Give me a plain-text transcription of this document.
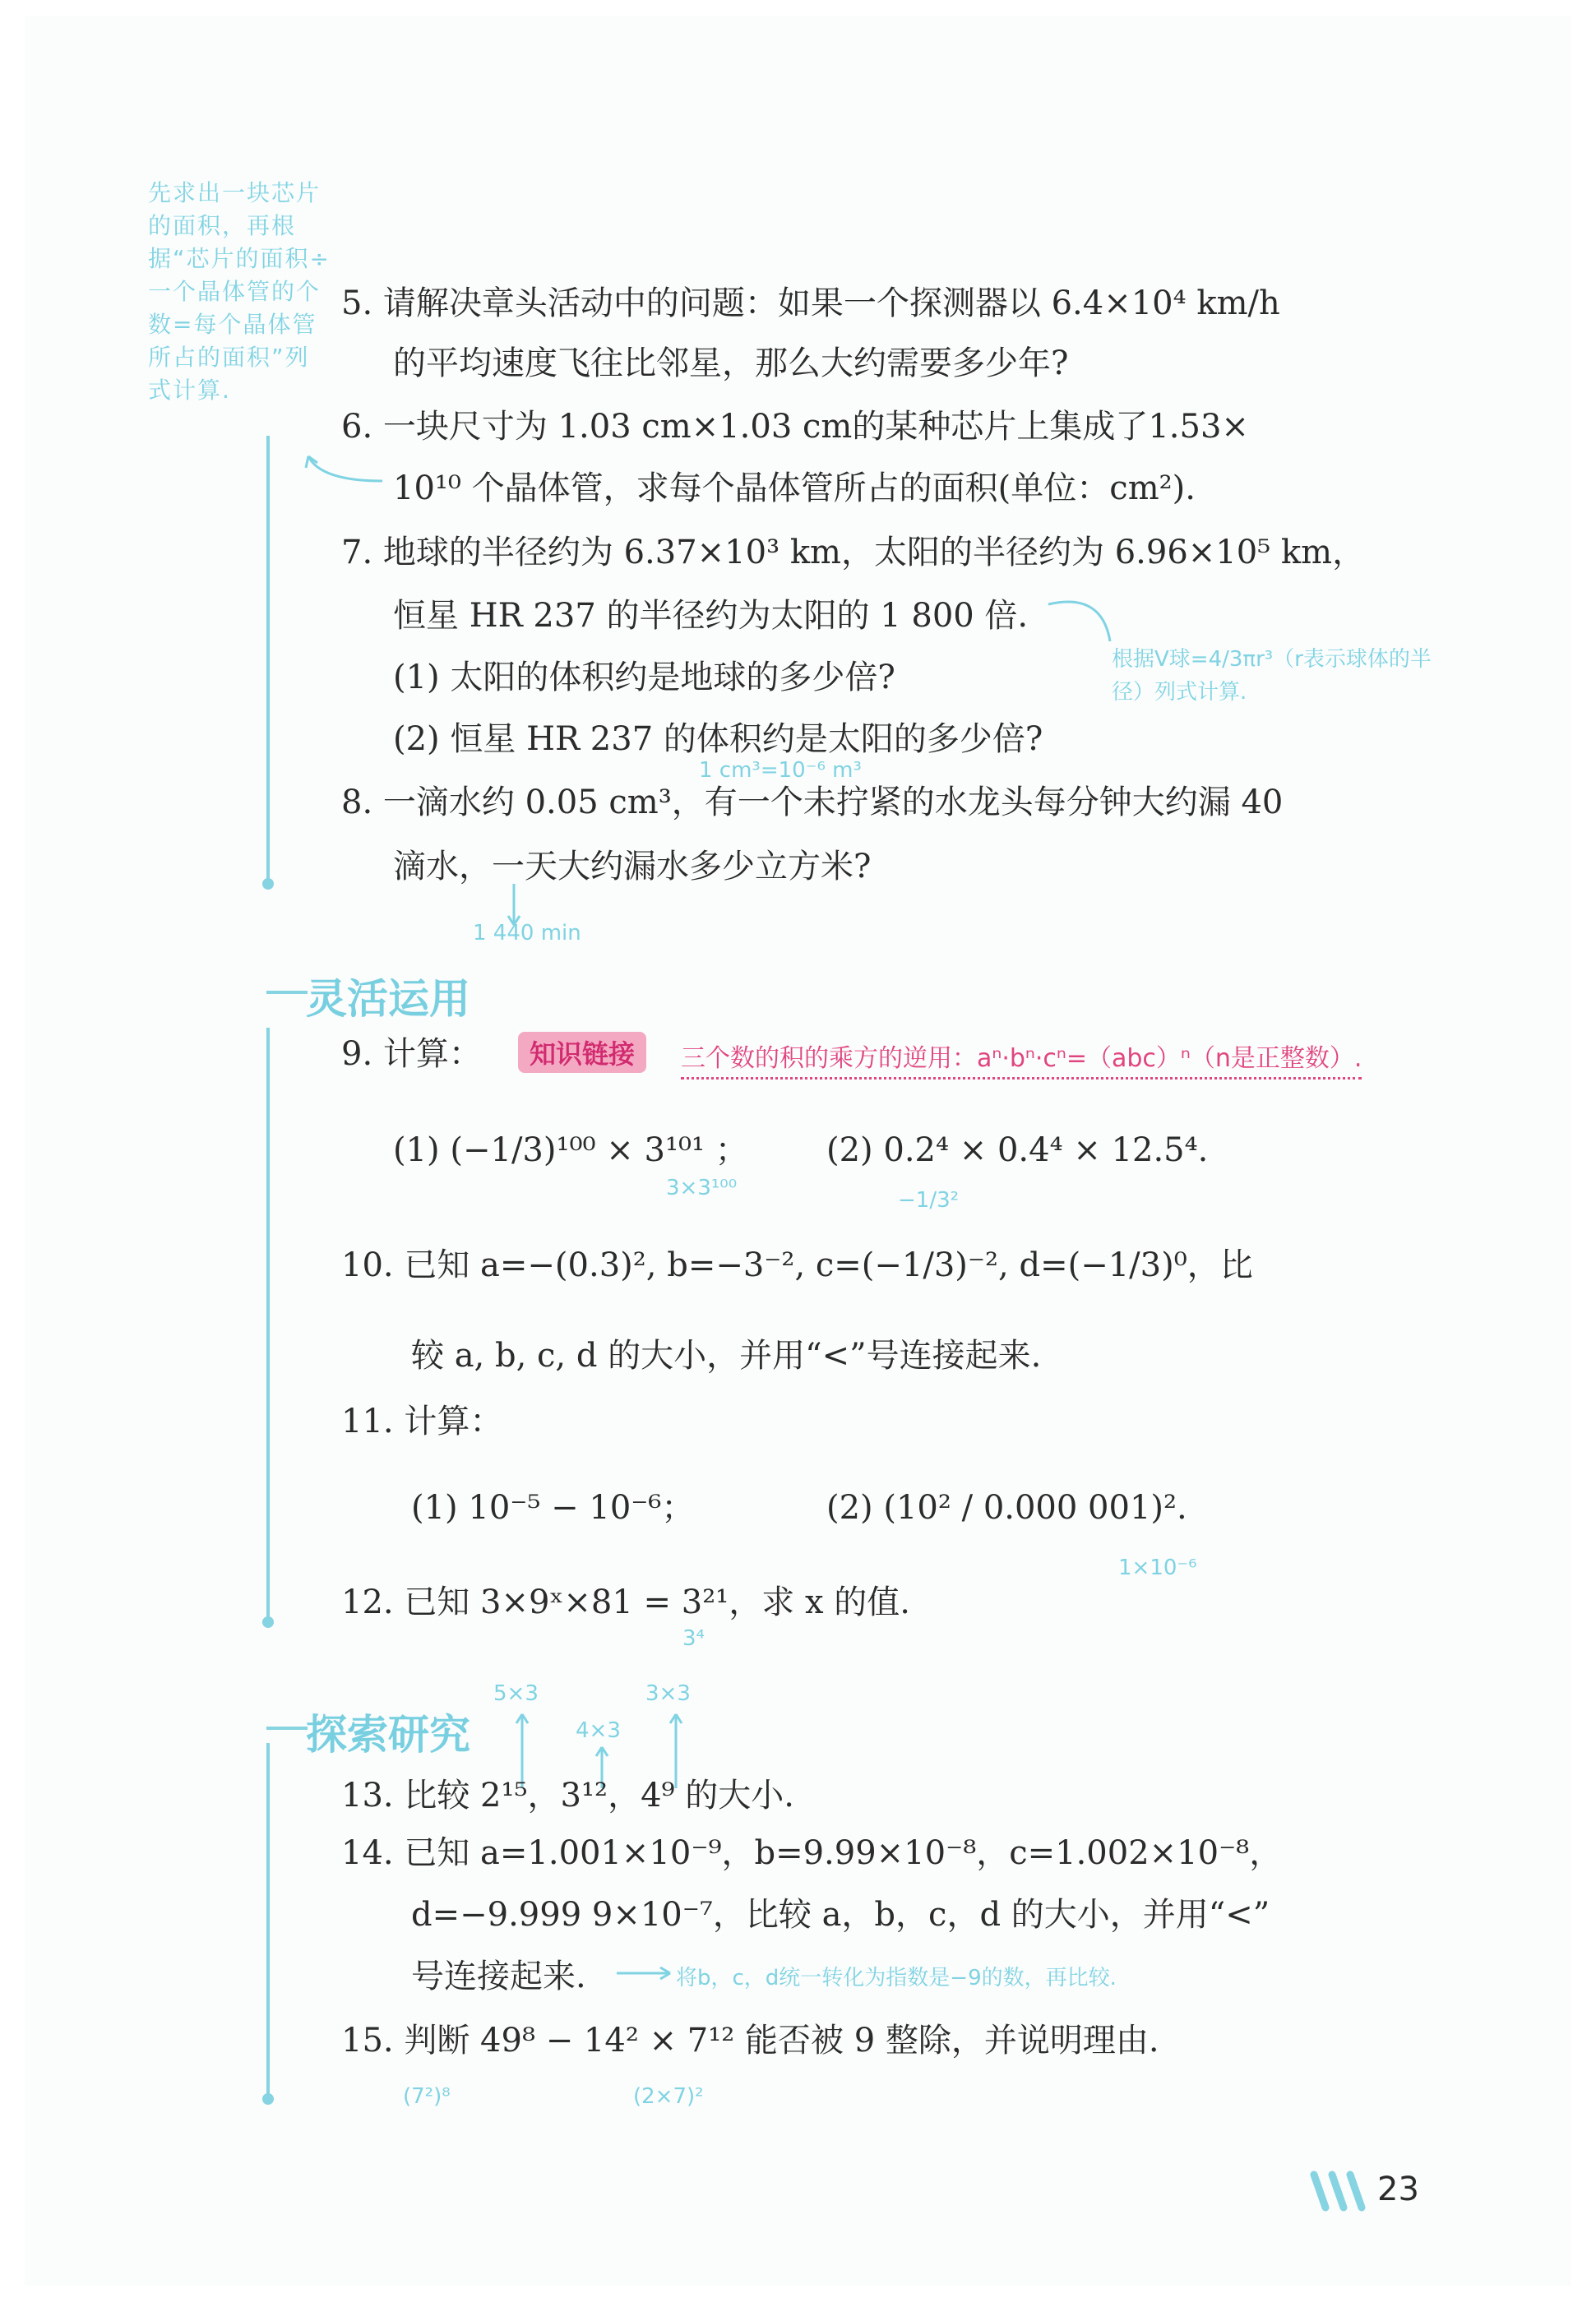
先求出一块芯片的面积，再根据“芯片的面积÷一个晶体管的个数=每个晶体管所占的面积”列式计算.
5. 请解决章头活动中的问题：如果一个探测器以 6.4×10⁴ km/h
的平均速度飞往比邻星，那么大约需要多少年?
6. 一块尺寸为 1.03 cm×1.03 cm的某种芯片上集成了1.53×
10¹⁰ 个晶体管，求每个晶体管所占的面积(单位：cm²).
7. 地球的半径约为 6.37×10³ km，太阳的半径约为 6.96×10⁵ km，
恒星 HR 237 的半径约为太阳的 1 800 倍.
(1) 太阳的体积约是地球的多少倍?
(2) 恒星 HR 237 的体积约是太阳的多少倍?
根据V球=4/3πr³（r表示球体的半径）列式计算.
1 cm³=10⁻⁶ m³
8. 一滴水约 0.05 cm³，有一个未拧紧的水龙头每分钟大约漏 40
滴水，一天大约漏水多少立方米?
1 440 min
灵活运用
9. 计算：	知识链接	三个数的积的乘方的逆用：aⁿ·bⁿ·cⁿ=（abc）ⁿ（n是正整数）.
(1) (−1/3)¹⁰⁰ × 3¹⁰¹ ； (2) 0.2⁴ × 0.4⁴ × 12.5⁴.
3×3¹⁰⁰	−1/3²
10. 已知 a=−(0.3)², b=−3⁻², c=(−1/3)⁻², d=(−1/3)⁰，比
较 a, b, c, d 的大小，并用“<”号连接起来.
11. 计算：
(1) 10⁻⁵ − 10⁻⁶；	(2) (10² / 0.000 001)².
1×10⁻⁶
12. 已知 3×9ˣ×81 = 3²¹，求 x 的值.
3⁴
探索研究
5×3
4×3
3×3
13. 比较 2¹⁵，3¹²，4⁹ 的大小.
14. 已知 a=1.001×10⁻⁹，b=9.99×10⁻⁸，c=1.002×10⁻⁸，
d=−9.999 9×10⁻⁷，比较 a，b，c，d 的大小，并用“<”
号连接起来.	将b，c，d统一转化为指数是−9的数，再比较.
15. 判断 49⁸ − 14² × 7¹² 能否被 9 整除，并说明理由.
(7²)⁸	(2×7)²
23
